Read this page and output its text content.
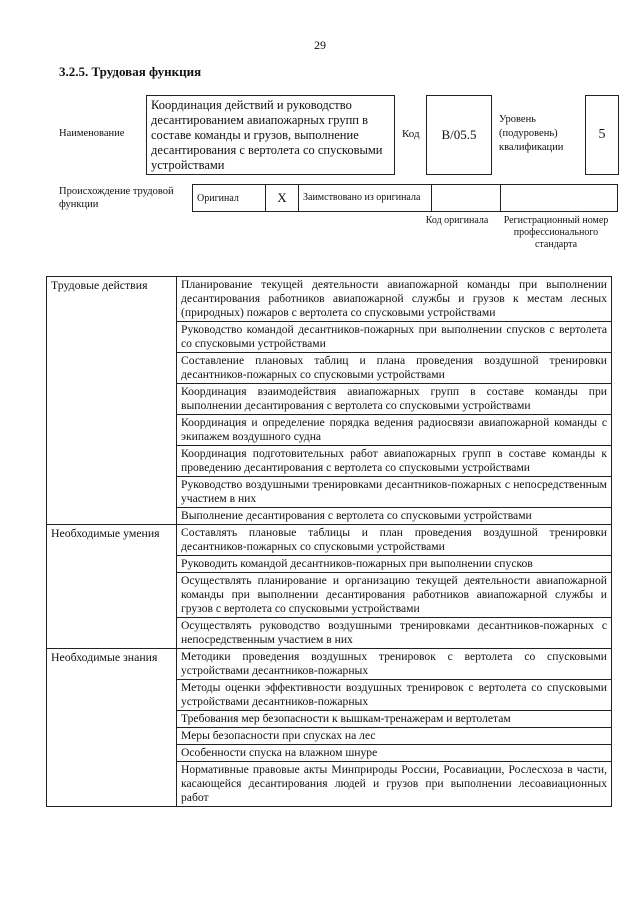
29
3.2.5. Трудовая функция
Наименование
Координация действий и руководство десантированием авиапожарных групп в составе команды и грузов, выполнение десантирования с вертолета со спусковыми устройствами
Код	В/05.5
Уровень (подуровень) квалификации
5
Происхождение трудовой функции
Оригинал	X	Заимствовано из оригинала		
Код оригинала	Регистрационный номер профессионального стандарта
Трудовые действия	Планирование текущей деятельности авиапожарной команды при выполнении десантирования работников авиапожарной службы и грузов к местам лесных (природных) пожаров с вертолета со спусковыми устройствами
	Руководство командой десантников-пожарных при выполнении спусков с вертолета со спусковыми устройствами
	Составление плановых таблиц и плана проведения воздушной тренировки десантников-пожарных со спусковыми устройствами
	Координация взаимодействия авиапожарных групп в составе команды при выполнении десантирования с вертолета со спусковыми устройствами
	Координация и определение порядка ведения радиосвязи авиапожарной команды с экипажем воздушного судна
	Координация подготовительных работ авиапожарных групп в составе команды к проведению десантирования с вертолета со спусковыми устройствами
	Руководство воздушными тренировками десантников-пожарных с непосредственным участием в них
	Выполнение десантирования с вертолета со спусковыми устройствами
Необходимые умения	Составлять плановые таблицы и план проведения воздушной тренировки десантников-пожарных со спусковыми устройствами
	Руководить командой десантников-пожарных при выполнении спусков
	Осуществлять планирование и организацию текущей деятельности авиапожарной команды при выполнении десантирования работников авиапожарной службы и грузов с вертолета со спусковыми устройствами
	Осуществлять руководство воздушными тренировками десантников-пожарных с непосредственным участием в них
Необходимые знания	Методики проведения воздушных тренировок с вертолета со спусковыми устройствами десантников-пожарных
	Методы оценки эффективности воздушных тренировок с вертолета со спусковыми устройствами десантников-пожарных
	Требования мер безопасности к вышкам-тренажерам и вертолетам
	Меры безопасности при спусках на лес
	Особенности спуска на влажном шнуре
	Нормативные правовые акты Минприроды России, Росавиации, Рослесхоза в части, касающейся десантирования людей и грузов при выполнении лесоавиационных работ
